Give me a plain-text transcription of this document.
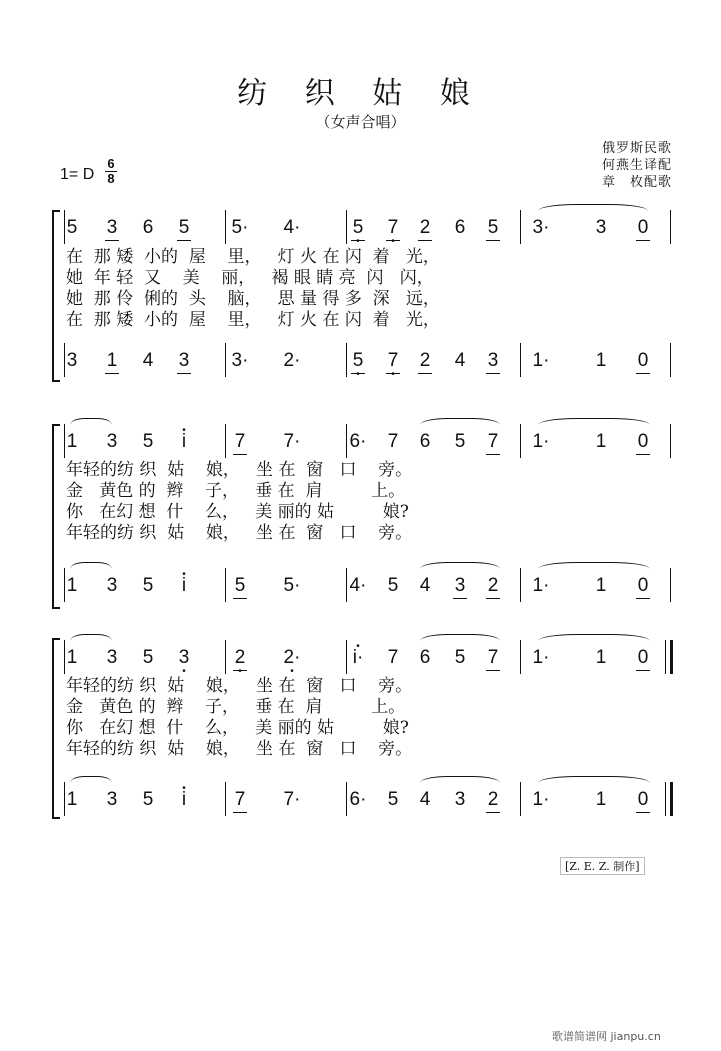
纺 织 姑 娘
（女声合唱）
俄罗斯民歌
何燕生译配
章　枚配歌
1= D
6
8
5 3 6 5 5· 4·	5
•
7
•
2 6 5 3· 3 0
3 1 4 3 3· 2·	5
•
7
•
2 4 3 1· 1 0
在  那 矮  小的  屋    里，   灯 火 在 闪  着   光，
她  年 轻  又    美    丽，   褐 眼 睛 亮  闪   闪，
她  那 伶  俐的  头    脑，   思 量 得 多  深   远，
在  那 矮  小的  屋    里，   灯 火 在 闪  着   光，
1 3 5	• i	7 7·	6· 7 6 5 7 1· 1 0
1 3 5	• i	5 5·	4· 5 4 3 2 1· 1 0
年轻的纺 织  姑    娘，   坐 在  窗   口    旁。
金   黄色 的  辫    子，   垂 在  肩         上。
你   在幻 想  什    么，   美 丽的 姑         娘?
年轻的纺 织  姑    娘，   坐 在  窗   口    旁。
1 3 5 3
•
2
•
2·
•
• i· 7 6 5 7 1· 1 0
1 3 5	• i	7 7·	6· 5 4 3 2 1· 1 0
年轻的纺 织  姑    娘，   坐 在  窗   口    旁。
金   黄色 的  辫    子，   垂 在  肩         上。
你   在幻 想  什    么，   美 丽的 姑         娘?
年轻的纺 织  姑    娘，   坐 在  窗   口    旁。
[Z. E. Z. 制作]
歌谱简谱网 jianpu.cn
